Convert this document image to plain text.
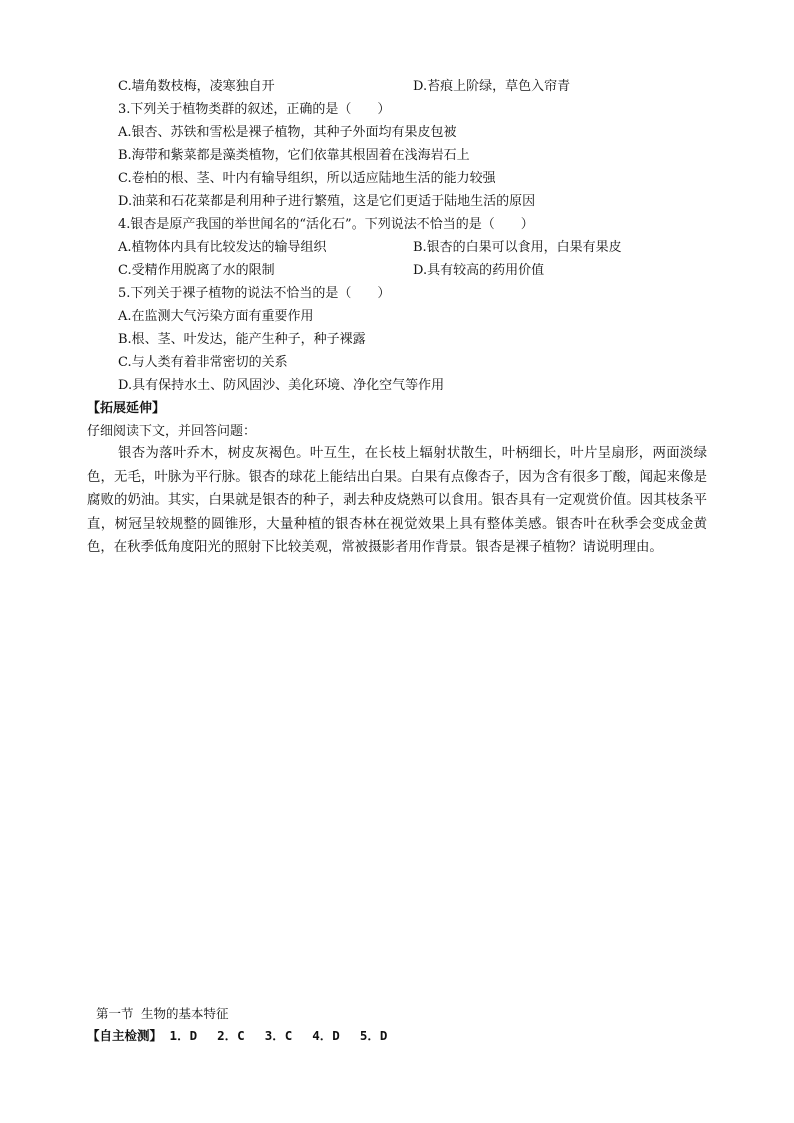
C.墙角数枝梅，凌寒独自开	D.苔痕上阶绿，草色入帘青
3.下列关于植物类群的叙述，正确的是（　　）
A.银杏、苏铁和雪松是裸子植物，其种子外面均有果皮包被
B.海带和紫菜都是藻类植物，它们依靠其根固着在浅海岩石上
C.卷柏的根、茎、叶内有输导组织，所以适应陆地生活的能力较强
D.油菜和石花菜都是利用种子进行繁殖，这是它们更适于陆地生活的原因
4.银杏是原产我国的举世闻名的“活化石”。下列说法不恰当的是（　　）
A.植物体内具有比较发达的输导组织	B.银杏的白果可以食用，白果有果皮
C.受精作用脱离了水的限制	D.具有较高的药用价值
5.下列关于裸子植物的说法不恰当的是（　　）
A.在监测大气污染方面有重要作用
B.根、茎、叶发达，能产生种子，种子裸露
C.与人类有着非常密切的关系
D.具有保持水土、防风固沙、美化环境、净化空气等作用
【拓展延伸】
仔细阅读下文，并回答问题：
银杏为落叶乔木，树皮灰褐色。叶互生，在长枝上辐射状散生，叶柄细长，叶片呈扇形，两面淡绿色，无毛，叶脉为平行脉。银杏的球花上能结出白果。白果有点像杏子，因为含有很多丁酸，闻起来像是腐败的奶油。其实，白果就是银杏的种子，剥去种皮烧熟可以食用。银杏具有一定观赏价值。因其枝条平直，树冠呈较规整的圆锥形，大量种植的银杏林在视觉效果上具有整体美感。银杏叶在秋季会变成金黄色，在秋季低角度阳光的照射下比较美观，常被摄影者用作背景。银杏是裸子植物？请说明理由。
第一节 生物的基本特征
【自主检测】 1．D　 2．C　 3．C　 4．D　 5．D
